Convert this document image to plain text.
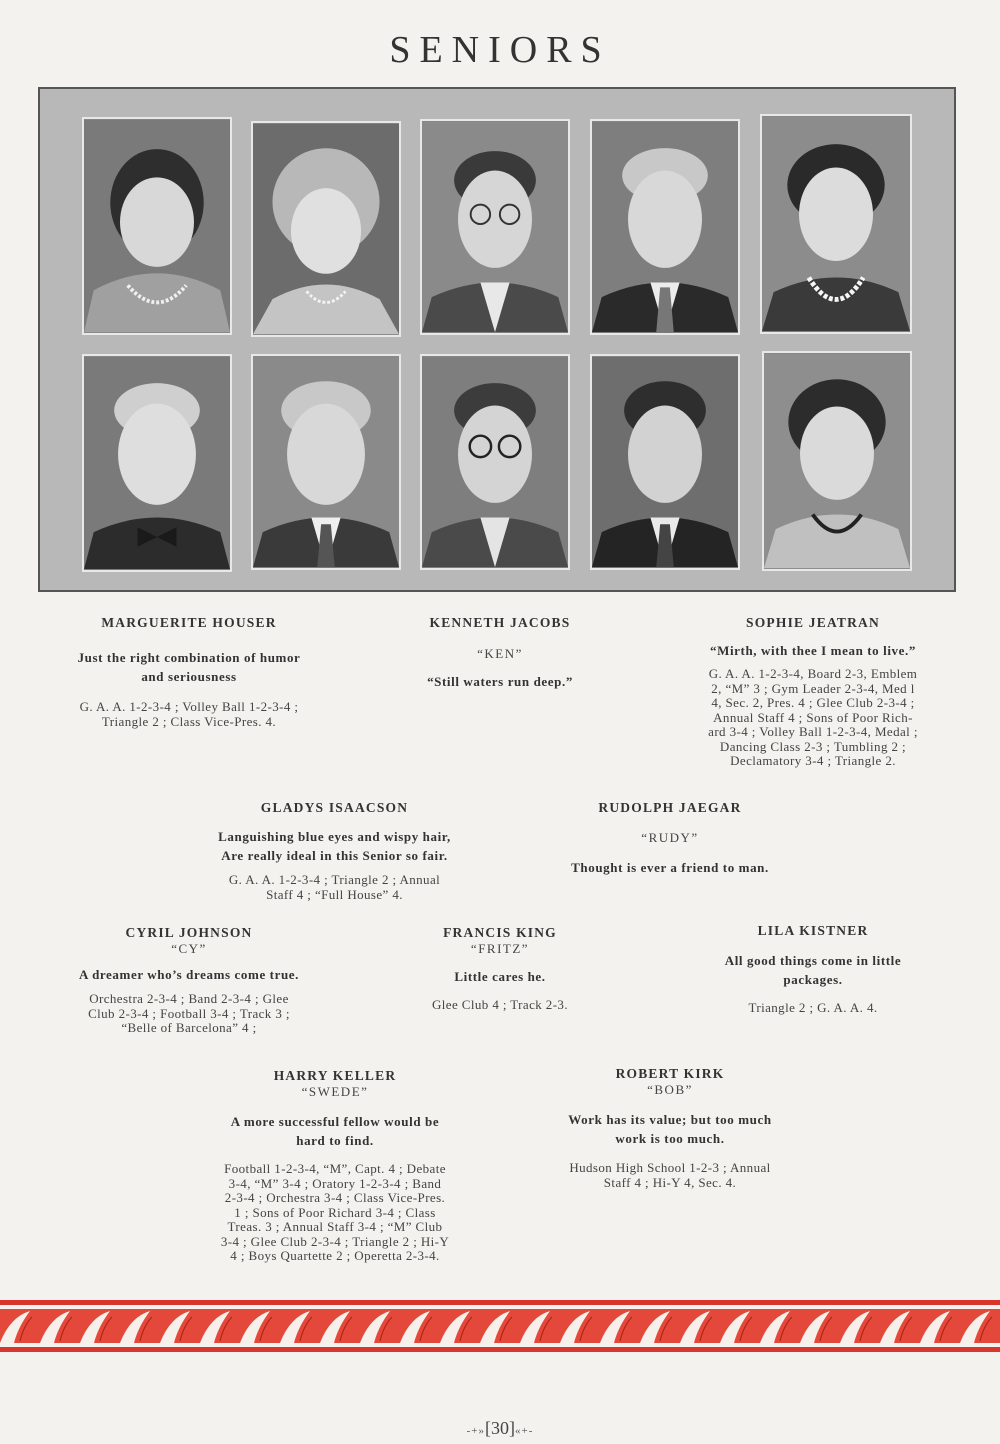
SENIORS
MARGUERITE HOUSER
Just the right combination of humor
and seriousness
G. A. A. 1-2-3-4 ; Volley Ball 1-2-3-4 ;
Triangle 2 ; Class Vice-Pres. 4.
KENNETH JACOBS
“KEN”
“Still waters run deep.”
SOPHIE JEATRAN
“Mirth, with thee I mean to live.”
G. A. A. 1-2-3-4, Board 2-3, Emblem
2, “M” 3 ; Gym Leader 2-3-4, Med l
4, Sec. 2, Pres. 4 ; Glee Club 2-3-4 ;
Annual Staff 4 ; Sons of Poor Rich-
ard 3-4 ; Volley Ball 1-2-3-4, Medal ;
Dancing Class 2-3 ; Tumbling 2 ;
Declamatory 3-4 ; Triangle 2.
GLADYS ISAACSON
Languishing blue eyes and wispy hair,
Are really ideal in this Senior so fair.
G. A. A. 1-2-3-4 ; Triangle 2 ; Annual
Staff 4 ; “Full House” 4.
RUDOLPH JAEGAR
“RUDY”
Thought is ever a friend to man.
CYRIL JOHNSON
“CY”
A dreamer who’s dreams come true.
Orchestra 2-3-4 ; Band 2-3-4 ; Glee
Club 2-3-4 ; Football 3-4 ; Track 3 ;
“Belle of Barcelona” 4 ;
FRANCIS KING
“FRITZ”
Little cares he.
Glee Club 4 ; Track 2-3.
LILA KISTNER
All good things come in little
packages.
Triangle 2 ; G. A. A. 4.
HARRY KELLER
“SWEDE”
A more successful fellow would be
hard to find.
Football 1-2-3-4, “M”, Capt. 4 ; Debate
3-4, “M” 3-4 ; Oratory 1-2-3-4 ; Band
2-3-4 ; Orchestra 3-4 ; Class Vice-Pres.
1 ; Sons of Poor Richard 3-4 ; Class
Treas. 3 ; Annual Staff 3-4 ; “M” Club
3-4 ; Glee Club 2-3-4 ; Triangle 2 ; Hi-Y
4 ; Boys Quartette 2 ; Operetta 2-3-4.
ROBERT KIRK
“BOB”
Work has its value; but too much
work is too much.
Hudson High School 1-2-3 ; Annual
Staff 4 ; Hi-Y 4, Sec. 4.
-+»[30]«+-
